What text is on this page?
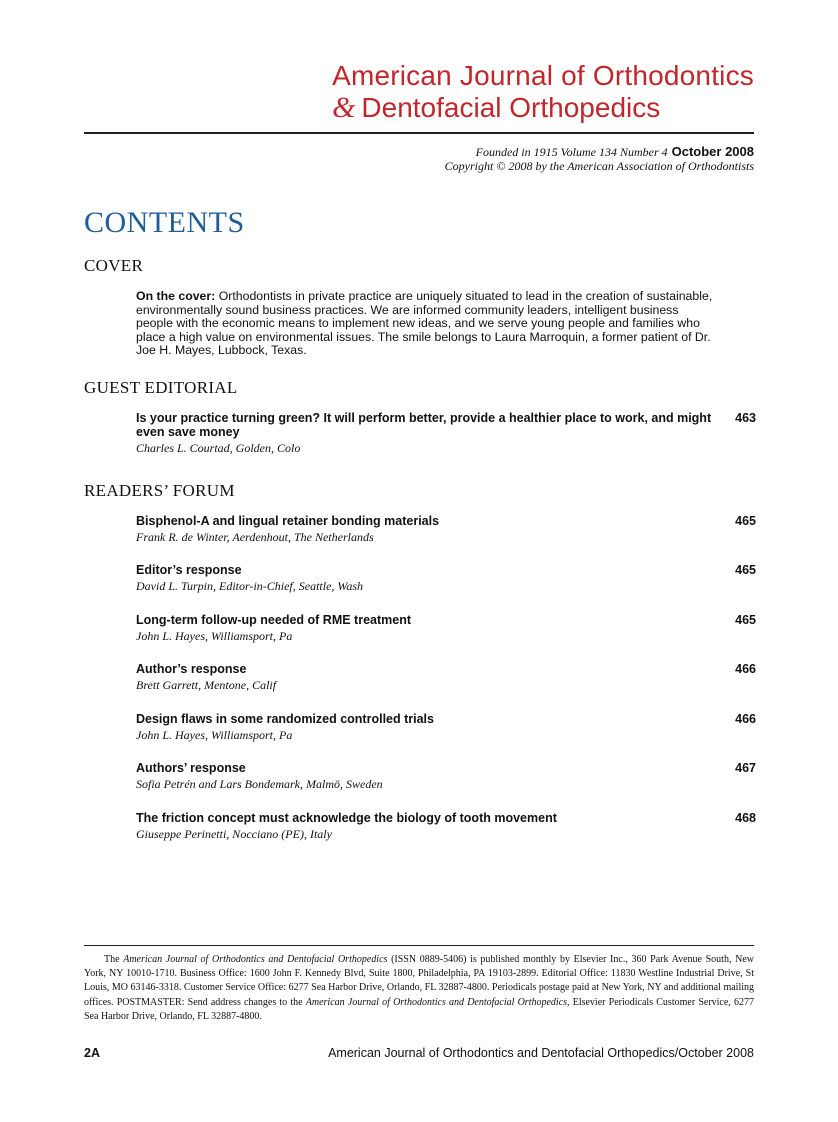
American Journal of Orthodontics
& Dentofacial Orthopedics
Founded in 1915 Volume 134 Number 4 October 2008
Copyright © 2008 by the American Association of Orthodontists
CONTENTS
COVER
On the cover: Orthodontists in private practice are uniquely situated to lead in the creation of sustainable, environmentally sound business practices. We are informed community leaders, intelligent business people with the economic means to implement new ideas, and we serve young people and families who place a high value on environmental issues. The smile belongs to Laura Marroquin, a former patient of Dr. Joe H. Mayes, Lubbock, Texas.
GUEST EDITORIAL
Is your practice turning green? It will perform better, provide a healthier place to work, and might even save money
Charles L. Courtad, Golden, Colo
463
READERS’ FORUM
Bisphenol-A and lingual retainer bonding materials
Frank R. de Winter, Aerdenhout, The Netherlands
465
Editor’s response
David L. Turpin, Editor-in-Chief, Seattle, Wash
465
Long-term follow-up needed of RME treatment
John L. Hayes, Williamsport, Pa
465
Author’s response
Brett Garrett, Mentone, Calif
466
Design flaws in some randomized controlled trials
John L. Hayes, Williamsport, Pa
466
Authors’ response
Sofia Petrén and Lars Bondemark, Malmö, Sweden
467
The friction concept must acknowledge the biology of tooth movement
Giuseppe Perinetti, Nocciano (PE), Italy
468
The American Journal of Orthodontics and Dentofacial Orthopedics (ISSN 0889-5406) is published monthly by Elsevier Inc., 360 Park Avenue South, New York, NY 10010-1710. Business Office: 1600 John F. Kennedy Blvd, Suite 1800, Philadelphia, PA 19103-2899. Editorial Office: 11830 Westline Industrial Drive, St Louis, MO 63146-3318. Customer Service Office: 6277 Sea Harbor Drive, Orlando, FL 32887-4800. Periodicals postage paid at New York, NY and additional mailing offices. POSTMASTER: Send address changes to the American Journal of Orthodontics and Dentofacial Orthopedics, Elsevier Periodicals Customer Service, 6277 Sea Harbor Drive, Orlando, FL 32887-4800.
2A	American Journal of Orthodontics and Dentofacial Orthopedics/October 2008
